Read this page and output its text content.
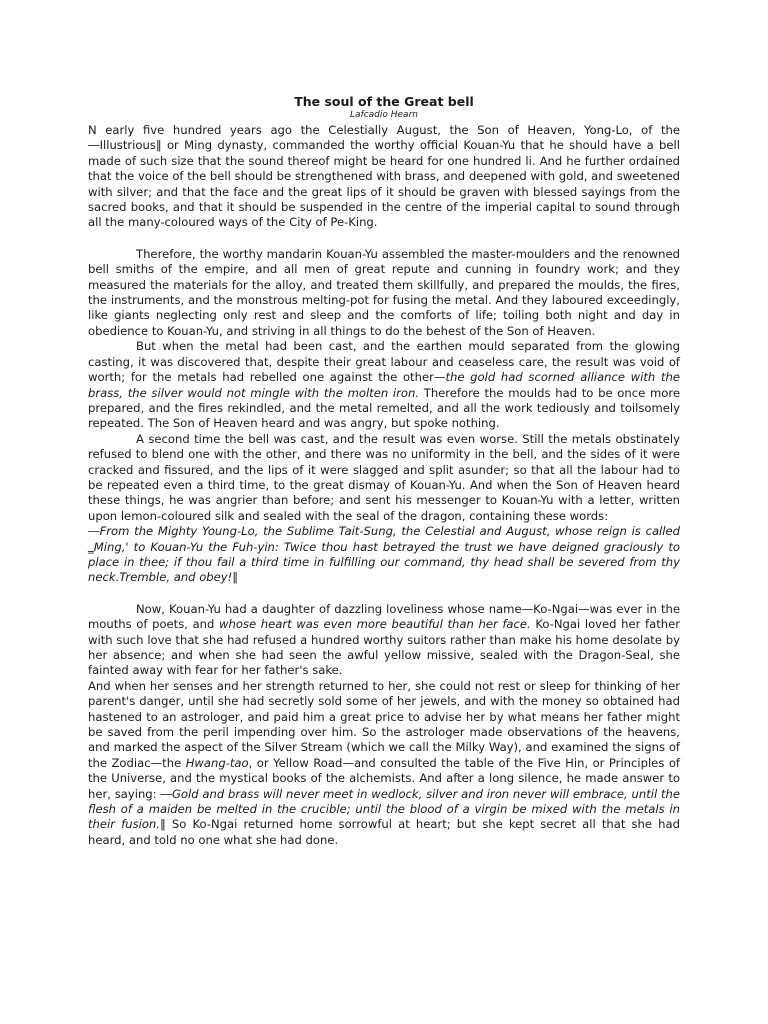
The soul of the Great bell
Lafcadio Hearn

N early five hundred years ago the Celestially August, the Son of Heaven, Yong-Lo, of the ―Illustrious‖ or Ming dynasty, commanded the worthy official Kouan-Yu that he should have a bell made of such size that the sound thereof might be heard for one hundred li. And he further ordained that the voice of the bell should be strengthened with brass, and deepened with gold, and sweetened with silver; and that the face and the great lips of it should be graven with blessed sayings from the sacred books, and that it should be suspended in the centre of the imperial capital to sound through all the many-coloured ways of the City of Pe-King.

Therefore, the worthy mandarin Kouan-Yu assembled the master-moulders and the renowned bell smiths of the empire, and all men of great repute and cunning in foundry work; and they measured the materials for the alloy, and treated them skillfully, and prepared the moulds, the fires, the instruments, and the monstrous melting-pot for fusing the metal. And they laboured exceedingly, like giants neglecting only rest and sleep and the comforts of life; toiling both night and day in obedience to Kouan-Yu, and striving in all things to do the behest of the Son of Heaven.

But when the metal had been cast, and the earthen mould separated from the glowing casting, it was discovered that, despite their great labour and ceaseless care, the result was void of worth; for the metals had rebelled one against the other—the gold had scorned alliance with the brass, the silver would not mingle with the molten iron. Therefore the moulds had to be once more prepared, and the fires rekindled, and the metal remelted, and all the work tediously and toilsomely repeated. The Son of Heaven heard and was angry, but spoke nothing.

A second time the bell was cast, and the result was even worse. Still the metals obstinately refused to blend one with the other, and there was no uniformity in the bell, and the sides of it were cracked and fissured, and the lips of it were slagged and split asunder; so that all the labour had to be repeated even a third time, to the great dismay of Kouan-Yu. And when the Son of Heaven heard these things, he was angrier than before; and sent his messenger to Kouan-Yu with a letter, written upon lemon-coloured silk and sealed with the seal of the dragon, containing these words:

―From the Mighty Young-Lo, the Sublime Tait-Sung, the Celestial and August, whose reign is called ‗Ming,' to Kouan-Yu the Fuh-yin: Twice thou hast betrayed the trust we have deigned graciously to place in thee; if thou fail a third time in fulfilling our command, thy head shall be severed from thy neck.Tremble, and obey!‖

Now, Kouan-Yu had a daughter of dazzling loveliness whose name—Ko-Ngai—was ever in the mouths of poets, and whose heart was even more beautiful than her face. Ko-Ngai loved her father with such love that she had refused a hundred worthy suitors rather than make his home desolate by her absence; and when she had seen the awful yellow missive, sealed with the Dragon-Seal, she fainted away with fear for her father's sake.

And when her senses and her strength returned to her, she could not rest or sleep for thinking of her parent's danger, until she had secretly sold some of her jewels, and with the money so obtained had hastened to an astrologer, and paid him a great price to advise her by what means her father might be saved from the peril impending over him. So the astrologer made observations of the heavens, and marked the aspect of the Silver Stream (which we call the Milky Way), and examined the signs of the Zodiac—the Hwang-tao, or Yellow Road—and consulted the table of the Five Hin, or Principles of the Universe, and the mystical books of the alchemists. And after a long silence, he made answer to her, saying: ―Gold and brass will never meet in wedlock, silver and iron never will embrace, until the flesh of a maiden be melted in the crucible; until the blood of a virgin be mixed with the metals in their fusion.‖ So Ko-Ngai returned home sorrowful at heart; but she kept secret all that she had heard, and told no one what she had done.
